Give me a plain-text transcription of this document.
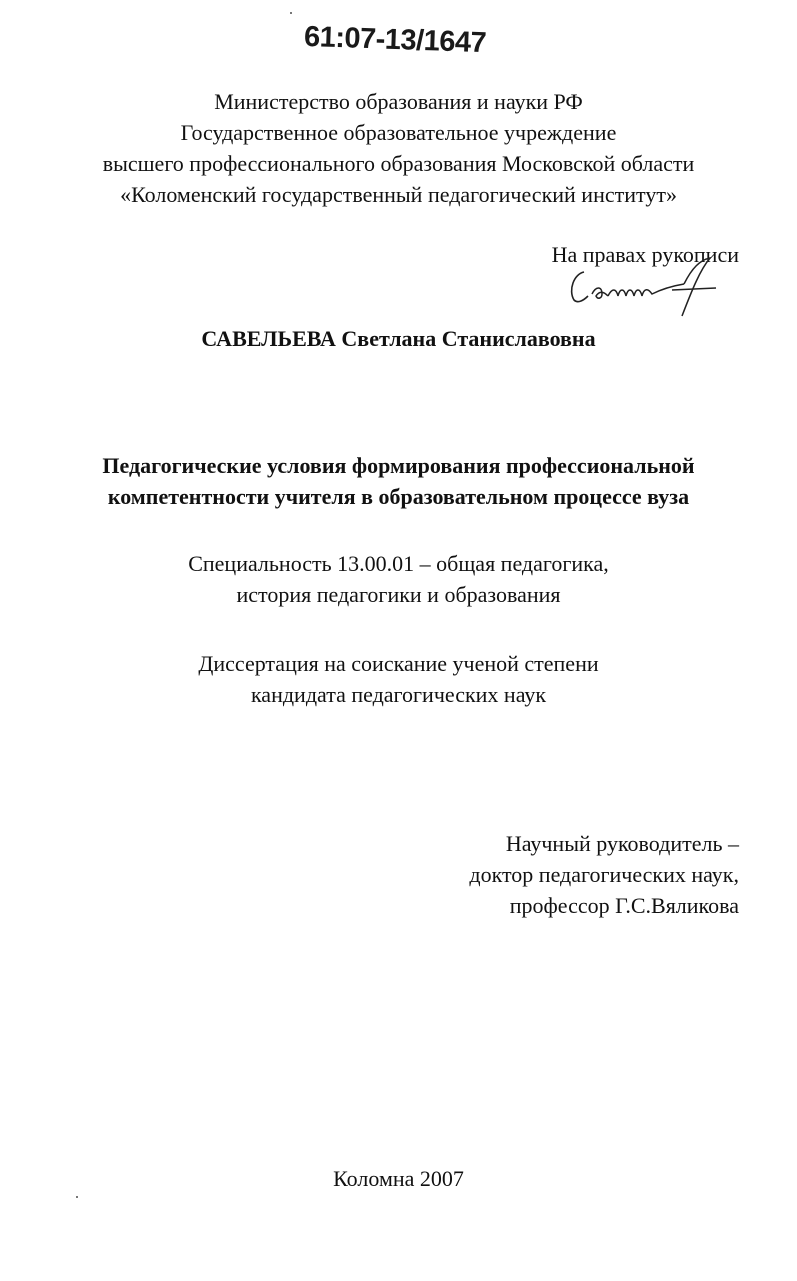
61:07-13/1647
Министерство образования и науки РФ
Государственное образовательное учреждение
высшего профессионального образования Московской области
«Коломенский государственный педагогический институт»
На правах рукописи
САВЕЛЬЕВА Светлана Станиславовна
Педагогические условия формирования профессиональной
компетентности учителя в образовательном процессе вуза
Специальность 13.00.01 – общая педагогика,
история педагогики и образования
Диссертация на соискание ученой степени
кандидата педагогических наук
Научный руководитель –
доктор педагогических наук,
профессор Г.С.Вяликова
Коломна 2007
